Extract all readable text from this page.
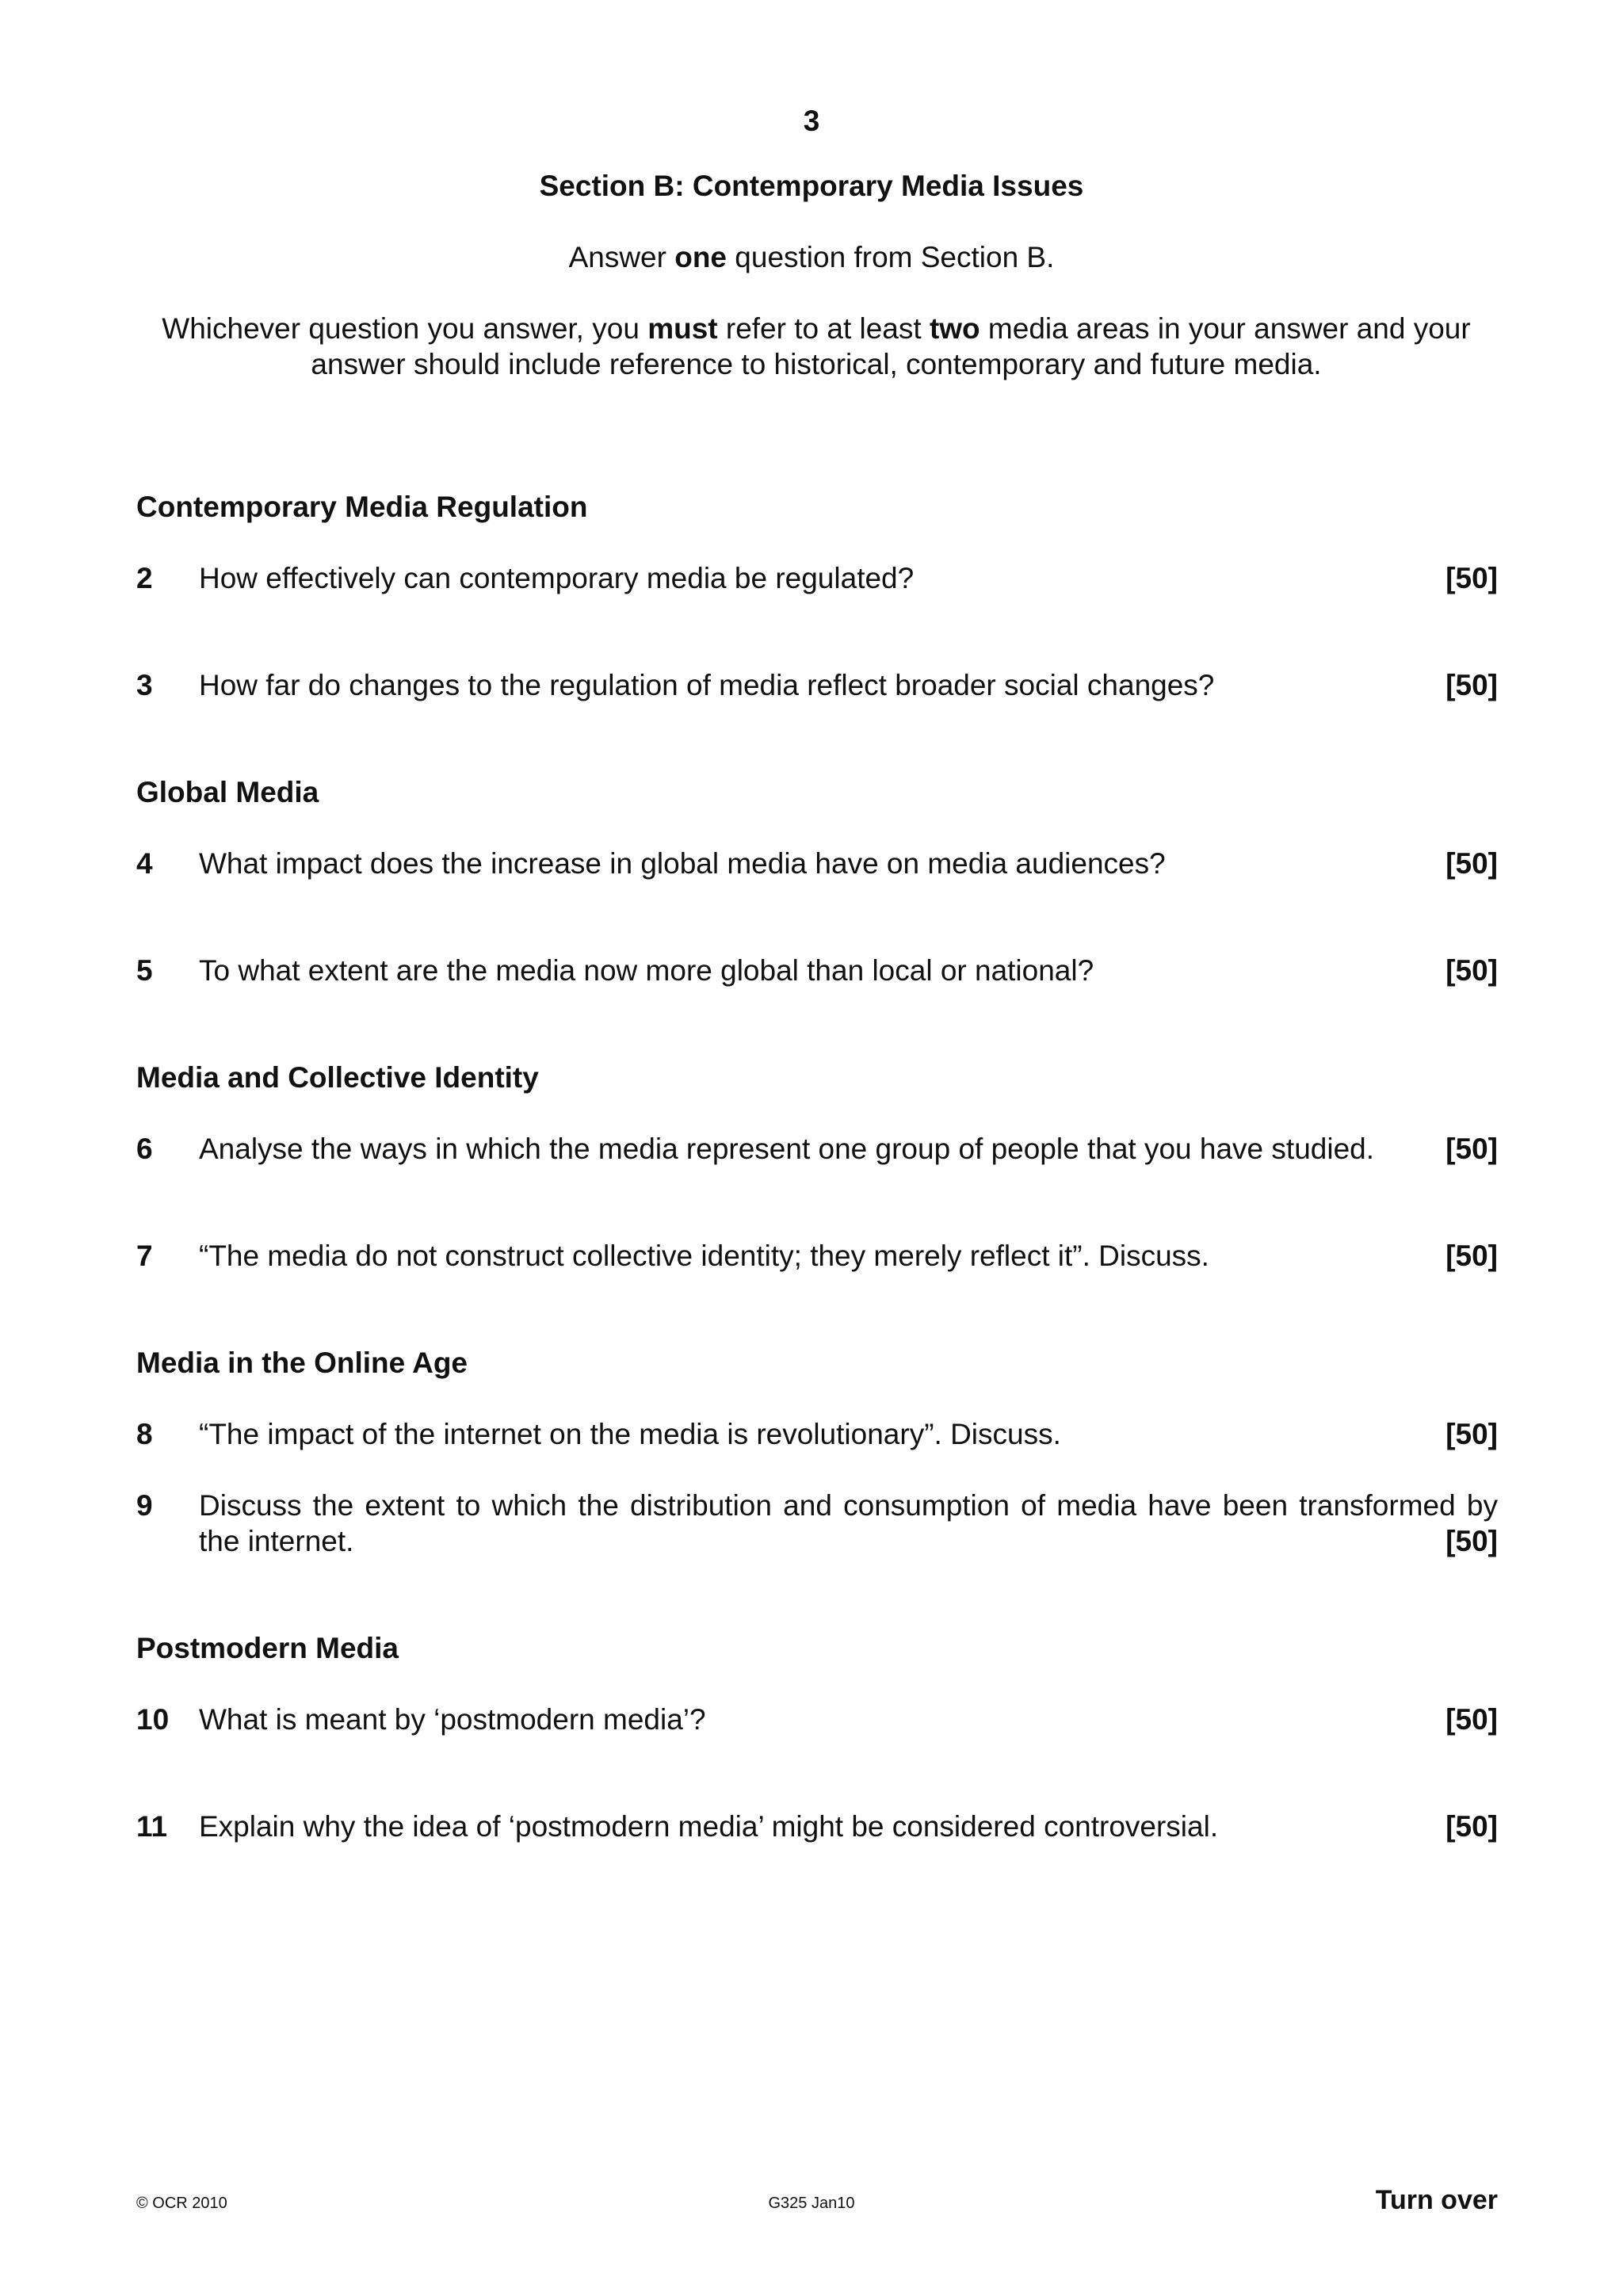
3
Section B: Contemporary Media Issues
Answer one question from Section B.
Whichever question you answer, you must refer to at least two media areas in your answer and your answer should include reference to historical, contemporary and future media.
Contemporary Media Regulation
2 How effectively can contemporary media be regulated?	[50]
3 How far do changes to the regulation of media reflect broader social changes?	[50]
Global Media
4 What impact does the increase in global media have on media audiences?	[50]
5 To what extent are the media now more global than local or national?	[50]
Media and Collective Identity
6 Analyse the ways in which the media represent one group of people that you have studied.	[50]
7 “The media do not construct collective identity; they merely reflect it”. Discuss.	[50]
Media in the Online Age
8 “The impact of the internet on the media is revolutionary”. Discuss.	[50]
9 Discuss the extent to which the distribution and consumption of media have been transformed by the internet.	[50]
Postmodern Media
10 What is meant by ‘postmodern media’?	[50]
11 Explain why the idea of ‘postmodern media’ might be considered controversial.	[50]
© OCR 2010	G325 Jan10	Turn over
